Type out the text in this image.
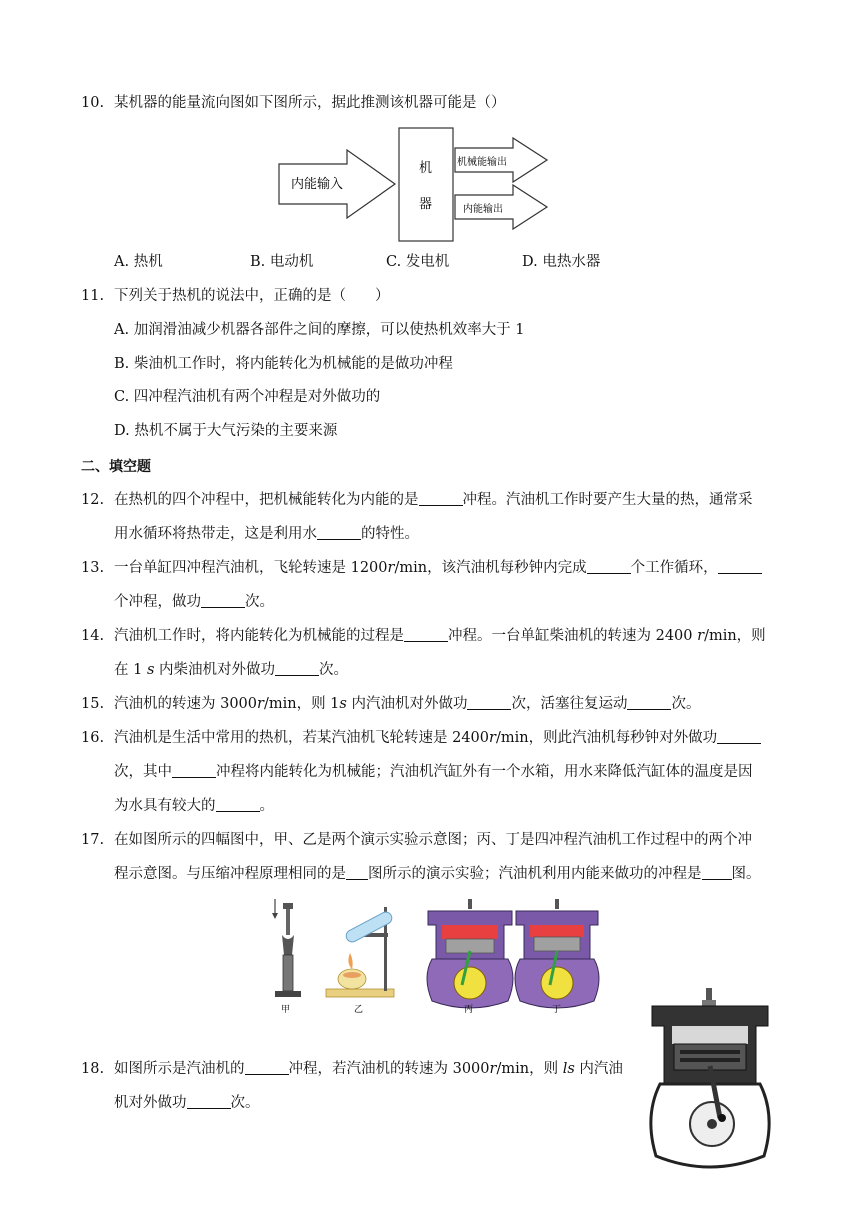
10. 某机器的能量流向图如下图所示，据此推测该机器可能是（）
内能输入
机
器
机械能输出
内能输出
A. 热机	B. 电动机	C. 发电机	D. 电热水器
11. 下列关于热机的说法中，正确的是（　　）
A. 加润滑油减少机器各部件之间的摩擦，可以使热机效率大于 1
B. 柴油机工作时，将内能转化为机械能的是做功冲程
C. 四冲程汽油机有两个冲程是对外做功的
D. 热机不属于大气污染的主要来源
二、填空题
12. 在热机的四个冲程中，把机械能转化为内能的是	冲程。汽油机工作时要产生大量的热，通常采
用水循环将热带走，这是利用水	的特性。
13. 一台单缸四冲程汽油机，飞轮转速是 1200r/min，该汽油机每秒钟内完成	个工作循环，
个冲程，做功	次。
14. 汽油机工作时，将内能转化为机械能的过程是	冲程。一台单缸柴油机的转速为 2400 r/min，则
在 1 s 内柴油机对外做功	次。
15. 汽油机的转速为 3000r/min，则 1s 内汽油机对外做功	次，活塞往复运动	次。
16. 汽油机是生活中常用的热机，若某汽油机飞轮转速是 2400r/min，则此汽油机每秒钟对外做功
次，其中	冲程将内能转化为机械能；汽油机汽缸外有一个水箱，用水来降低汽缸体的温度是因
为水具有较大的	。
17. 在如图所示的四幅图中，甲、乙是两个演示实验示意图；丙、丁是四冲程汽油机工作过程中的两个冲
程示意图。与压缩冲程原理相同的是 图所示的演示实验；汽油机利用内能来做功的冲程是 图。
甲	乙	丙	丁
18. 如图所示是汽油机的	冲程，若汽油机的转速为 3000r/min，则 ls 内汽油
机对外做功	次。
